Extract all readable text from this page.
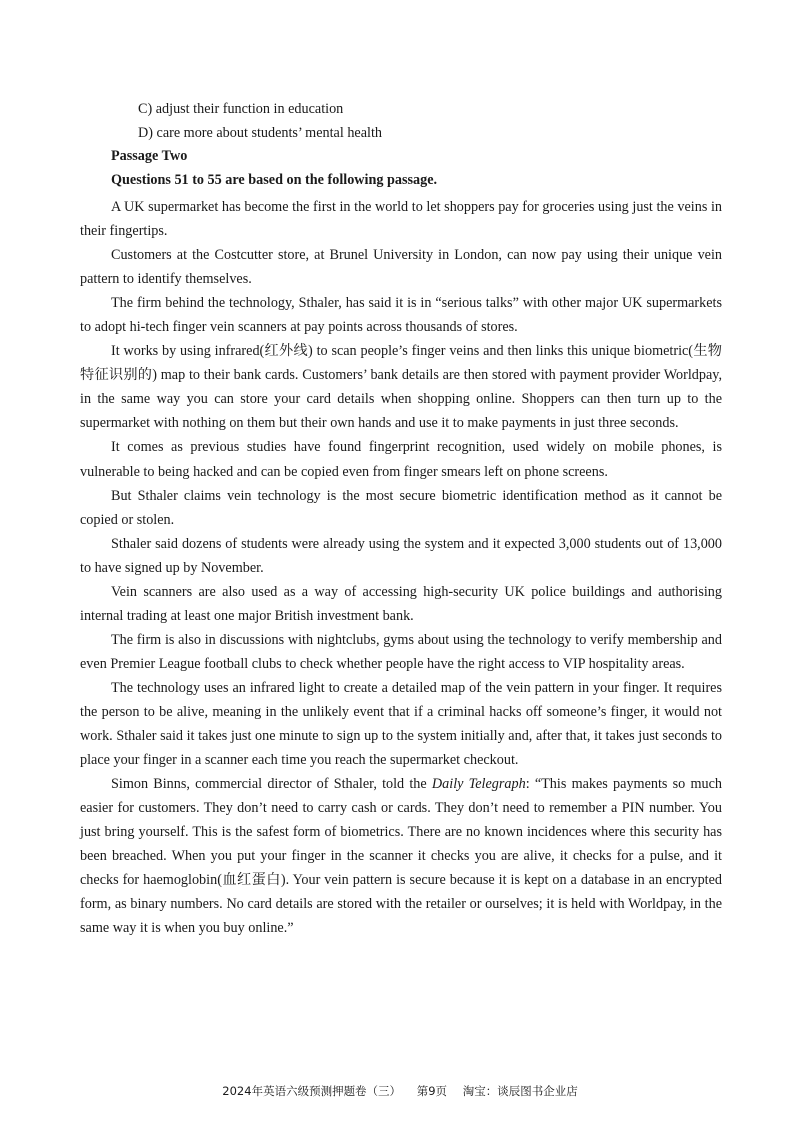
C) adjust their function in education
D) care more about students’ mental health
Passage Two
Questions 51 to 55 are based on the following passage.

A UK supermarket has become the first in the world to let shoppers pay for groceries using just the veins in their fingertips.

Customers at the Costcutter store, at Brunel University in London, can now pay using their unique vein pattern to identify themselves.

The firm behind the technology, Sthaler, has said it is in “serious talks” with other major UK supermarkets to adopt hi-tech finger vein scanners at pay points across thousands of stores.

It works by using infrared(红外线) to scan people’s finger veins and then links this unique biometric(生物特征识别的) map to their bank cards. Customers’ bank details are then stored with payment provider Worldpay, in the same way you can store your card details when shopping online. Shoppers can then turn up to the supermarket with nothing on them but their own hands and use it to make payments in just three seconds.

It comes as previous studies have found fingerprint recognition, used widely on mobile phones, is vulnerable to being hacked and can be copied even from finger smears left on phone screens.

But Sthaler claims vein technology is the most secure biometric identification method as it cannot be copied or stolen.

Sthaler said dozens of students were already using the system and it expected 3,000 students out of 13,000 to have signed up by November.

Vein scanners are also used as a way of accessing high-security UK police buildings and authorising internal trading at least one major British investment bank.

The firm is also in discussions with nightclubs, gyms about using the technology to verify membership and even Premier League football clubs to check whether people have the right access to VIP hospitality areas.

The technology uses an infrared light to create a detailed map of the vein pattern in your finger. It requires the person to be alive, meaning in the unlikely event that if a criminal hacks off someone’s finger, it would not work. Sthaler said it takes just one minute to sign up to the system initially and, after that, it takes just seconds to place your finger in a scanner each time you reach the supermarket checkout.

Simon Binns, commercial director of Sthaler, told the Daily Telegraph: “This makes payments so much easier for customers. They don’t need to carry cash or cards. They don’t need to remember a PIN number. You just bring yourself. This is the safest form of biometrics. There are no known incidences where this security has been breached. When you put your finger in the scanner it checks you are alive, it checks for a pulse, and it checks for haemoglobin(血红蛋白). Your vein pattern is secure because it is kept on a database in an encrypted form, as binary numbers. No card details are stored with the retailer or ourselves; it is held with Worldpay, in the same way it is when you buy online.”

2024年英语六级预测押题卷（三） 第9页 淘宝：谈辰图书企业店
